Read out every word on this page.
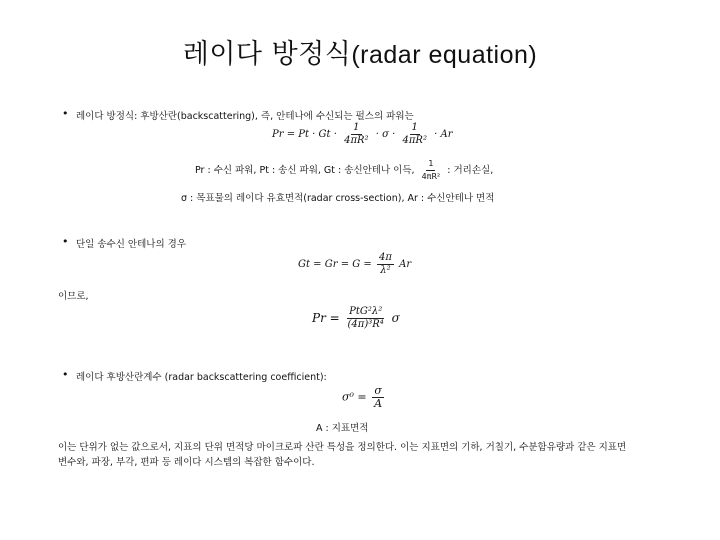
레이다 방정식(radar equation)
• 레이다 방정식: 후방산란(backscattering), 즉, 안테나에 수신되는 펄스의 파워는
$Pr = Pt \cdot Gt \cdot \frac{1}{\text{4πR²}} \cdot \sigma \cdot \frac{1}{\text{4πR²}} \cdot Ar$
Pr : 수신 파워, Pt : 송신 파워, Gt : 송신안테나 이득, $\frac{1}{\text{4πR²}}$ : 거리손실,
σ : 목표물의 레이다 유효면적(radar cross-section), Ar : 수신안테나 면적
• 단일 송수신 안테나의 경우
$Gt = Gr = G = \frac{4\pi}{\text{λ²}}$ Ar
이므로,
$Pr = \frac{\text{PtG²λ²}}{\text{(4π)³R⁴}}$ σ
• 레이다 후방산란계수 (radar backscattering coefficient):
$\sigma^0 = \frac{\sigma}{A}$
A : 지표면적
이는 단위가 없는 값으로서, 지표의 단위 면적당 마이크로파 산란 특성을 정의한다. 이는 지표면의 기하, 거칠기, 수분함유량과 같은 지표면 변수와, 파장, 부각, 편파 등 레이다 시스템의 복잡한 함수이다.
